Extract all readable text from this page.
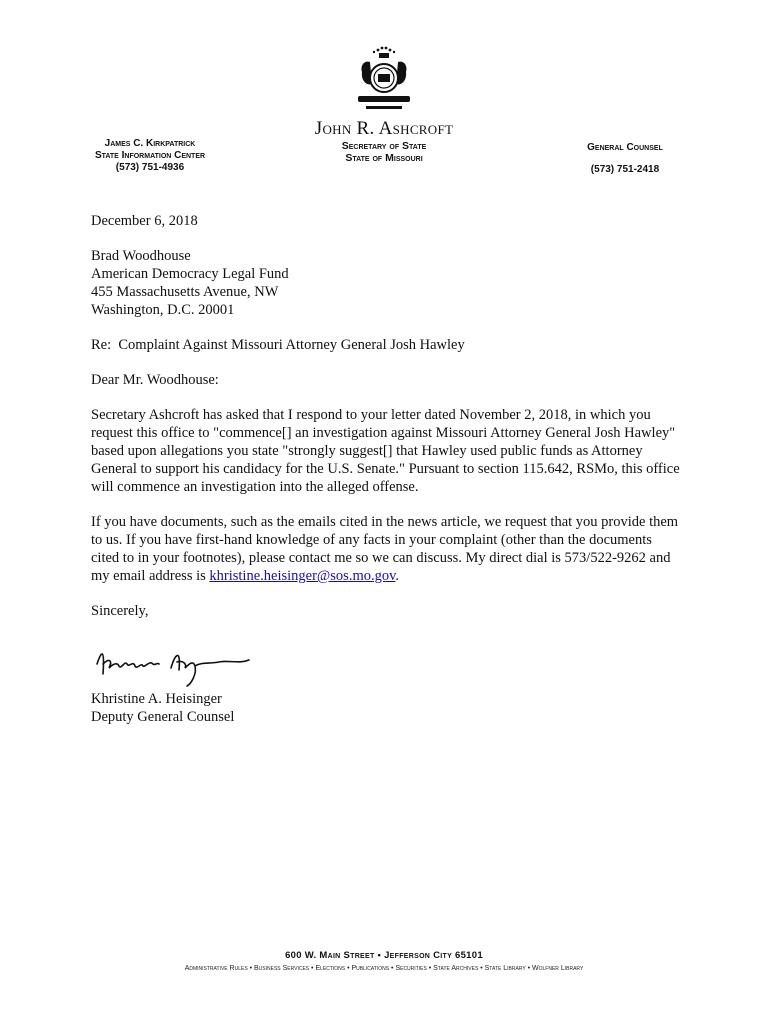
James C. Kirkpatrick
State Information Center
(573) 751-4936
John R. Ashcroft
Secretary of State
State of Missouri
General Counsel
(573) 751-2418

December 6, 2018

Brad Woodhouse

American Democracy Legal Fund

455 Massachusetts Avenue, NW

Washington, D.C. 20001

Re:  Complaint Against Missouri Attorney General Josh Hawley

Dear Mr. Woodhouse:

Secretary Ashcroft has asked that I respond to your letter dated November 2, 2018, in which you request this office to "commence[] an investigation against Missouri Attorney General Josh Hawley" based upon allegations you state "strongly suggest[] that Hawley used public funds as Attorney General to support his candidacy for the U.S. Senate." Pursuant to section 115.642, RSMo, this office will commence an investigation into the alleged offense.

If you have documents, such as the emails cited in the news article, we request that you provide them to us. If you have first-hand knowledge of any facts in your complaint (other than the documents cited to in your footnotes), please contact me so we can discuss. My direct dial is 573/522-9262 and my email address is khristine.heisinger@sos.mo.gov.

Sincerely,

Khristine A. Heisinger

Deputy General Counsel

600 W. Main Street • Jefferson City 65101
Administrative Rules • Business Services • Elections • Publications • Securities • State Archives • State Library • Wolfner Library
